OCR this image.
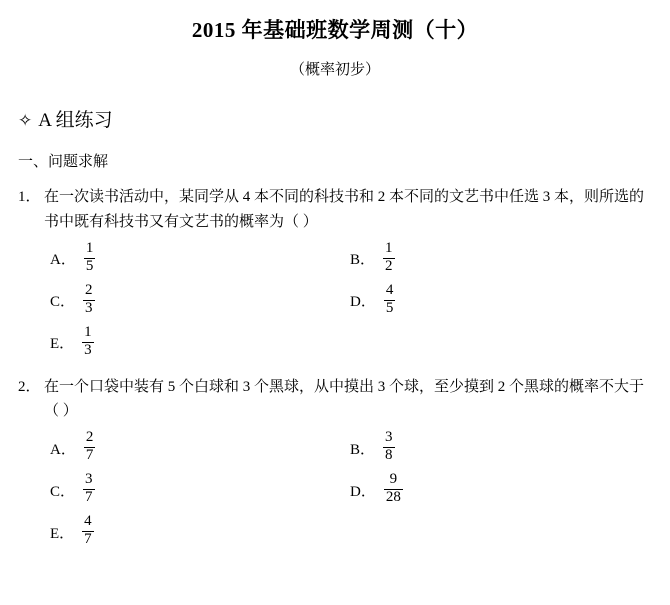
2015 年基础班数学周测（十）
（概率初步）
✧ A 组练习
一、问题求解
1． 在一次读书活动中，某同学从 4 本不同的科技书和 2 本不同的文艺书中任选 3 本，则所选的书中既有科技书又有文艺书的概率为（ ）
A． $\frac{1}{5}$	B． $\frac{1}{2}$
C． $\frac{2}{3}$	D． $\frac{4}{5}$
E． $\frac{1}{3}$
2． 在一个口袋中装有 5 个白球和 3 个黑球，从中摸出 3 个球，至少摸到 2 个黑球的概率不大于（ ）
A． $\frac{2}{7}$	B． $\frac{3}{8}$
C． $\frac{3}{7}$	D． $\frac{9}{28}$
E． $\frac{4}{7}$
